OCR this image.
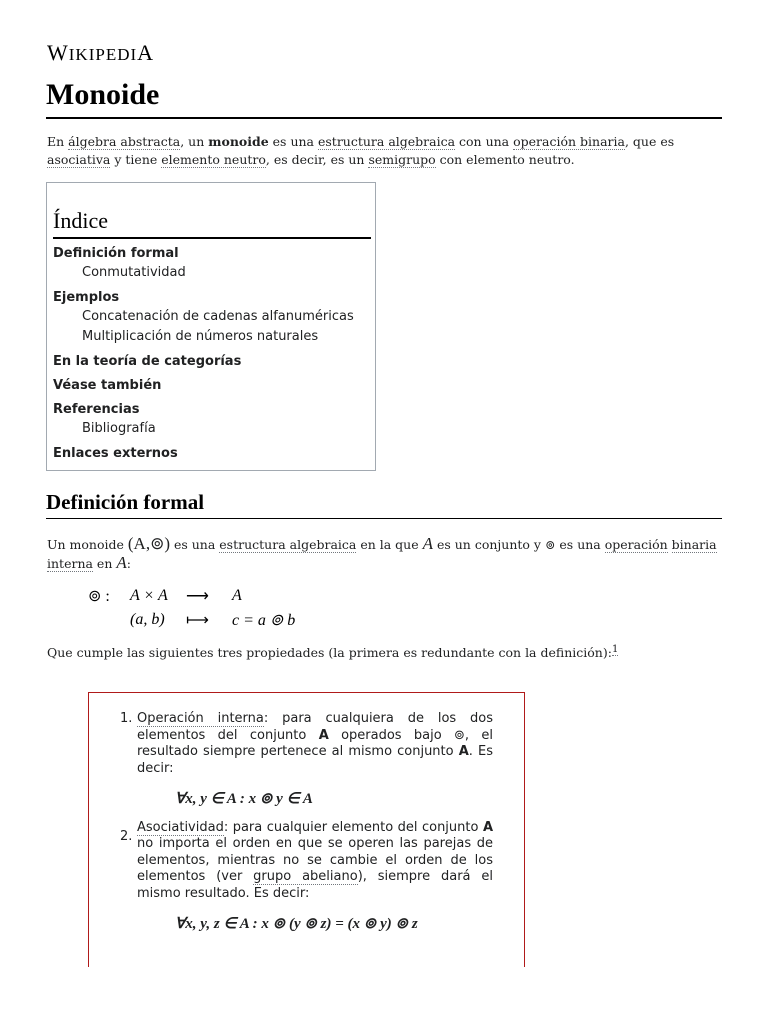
WIKIPEDIA
Monoide

En álgebra abstracta, un monoide es una estructura algebraica con una operación binaria, que es asociativa y tiene elemento neutro, es decir, es un semigrupo con elemento neutro.

Índice
Definición formal
Conmutatividad
Ejemplos
Concatenación de cadenas alfanuméricas
Multiplicación de números naturales
En la teoría de categorías
Véase también
Referencias
Bibliografía
Enlaces externos
Definición formal

Un monoide (A,⊚) es una estructura algebraica en la que A es un conjunto y ⊚ es una operación binaria interna en A:

⊚ :	A × A	⟶	A
(a, b)	⟼	c = a ⊚ b

Que cumple las siguientes tres propiedades (la primera es redundante con la definición):$^1$

1.
2.
Operación interna: para cualquiera de los dos elementos del conjunto A operados bajo ⊚, el resultado siempre pertenece al mismo conjunto A. Es decir:
∀x, y ∈ A : x ⊚ y ∈ A
Asociatividad: para cualquier elemento del conjunto A no importa el orden en que se operen las parejas de elementos, mientras no se cambie el orden de los elementos (ver grupo abeliano), siempre dará el mismo resultado. Es decir:
∀x, y, z ∈ A : x ⊚ (y ⊚ z) = (x ⊚ y) ⊚ z
